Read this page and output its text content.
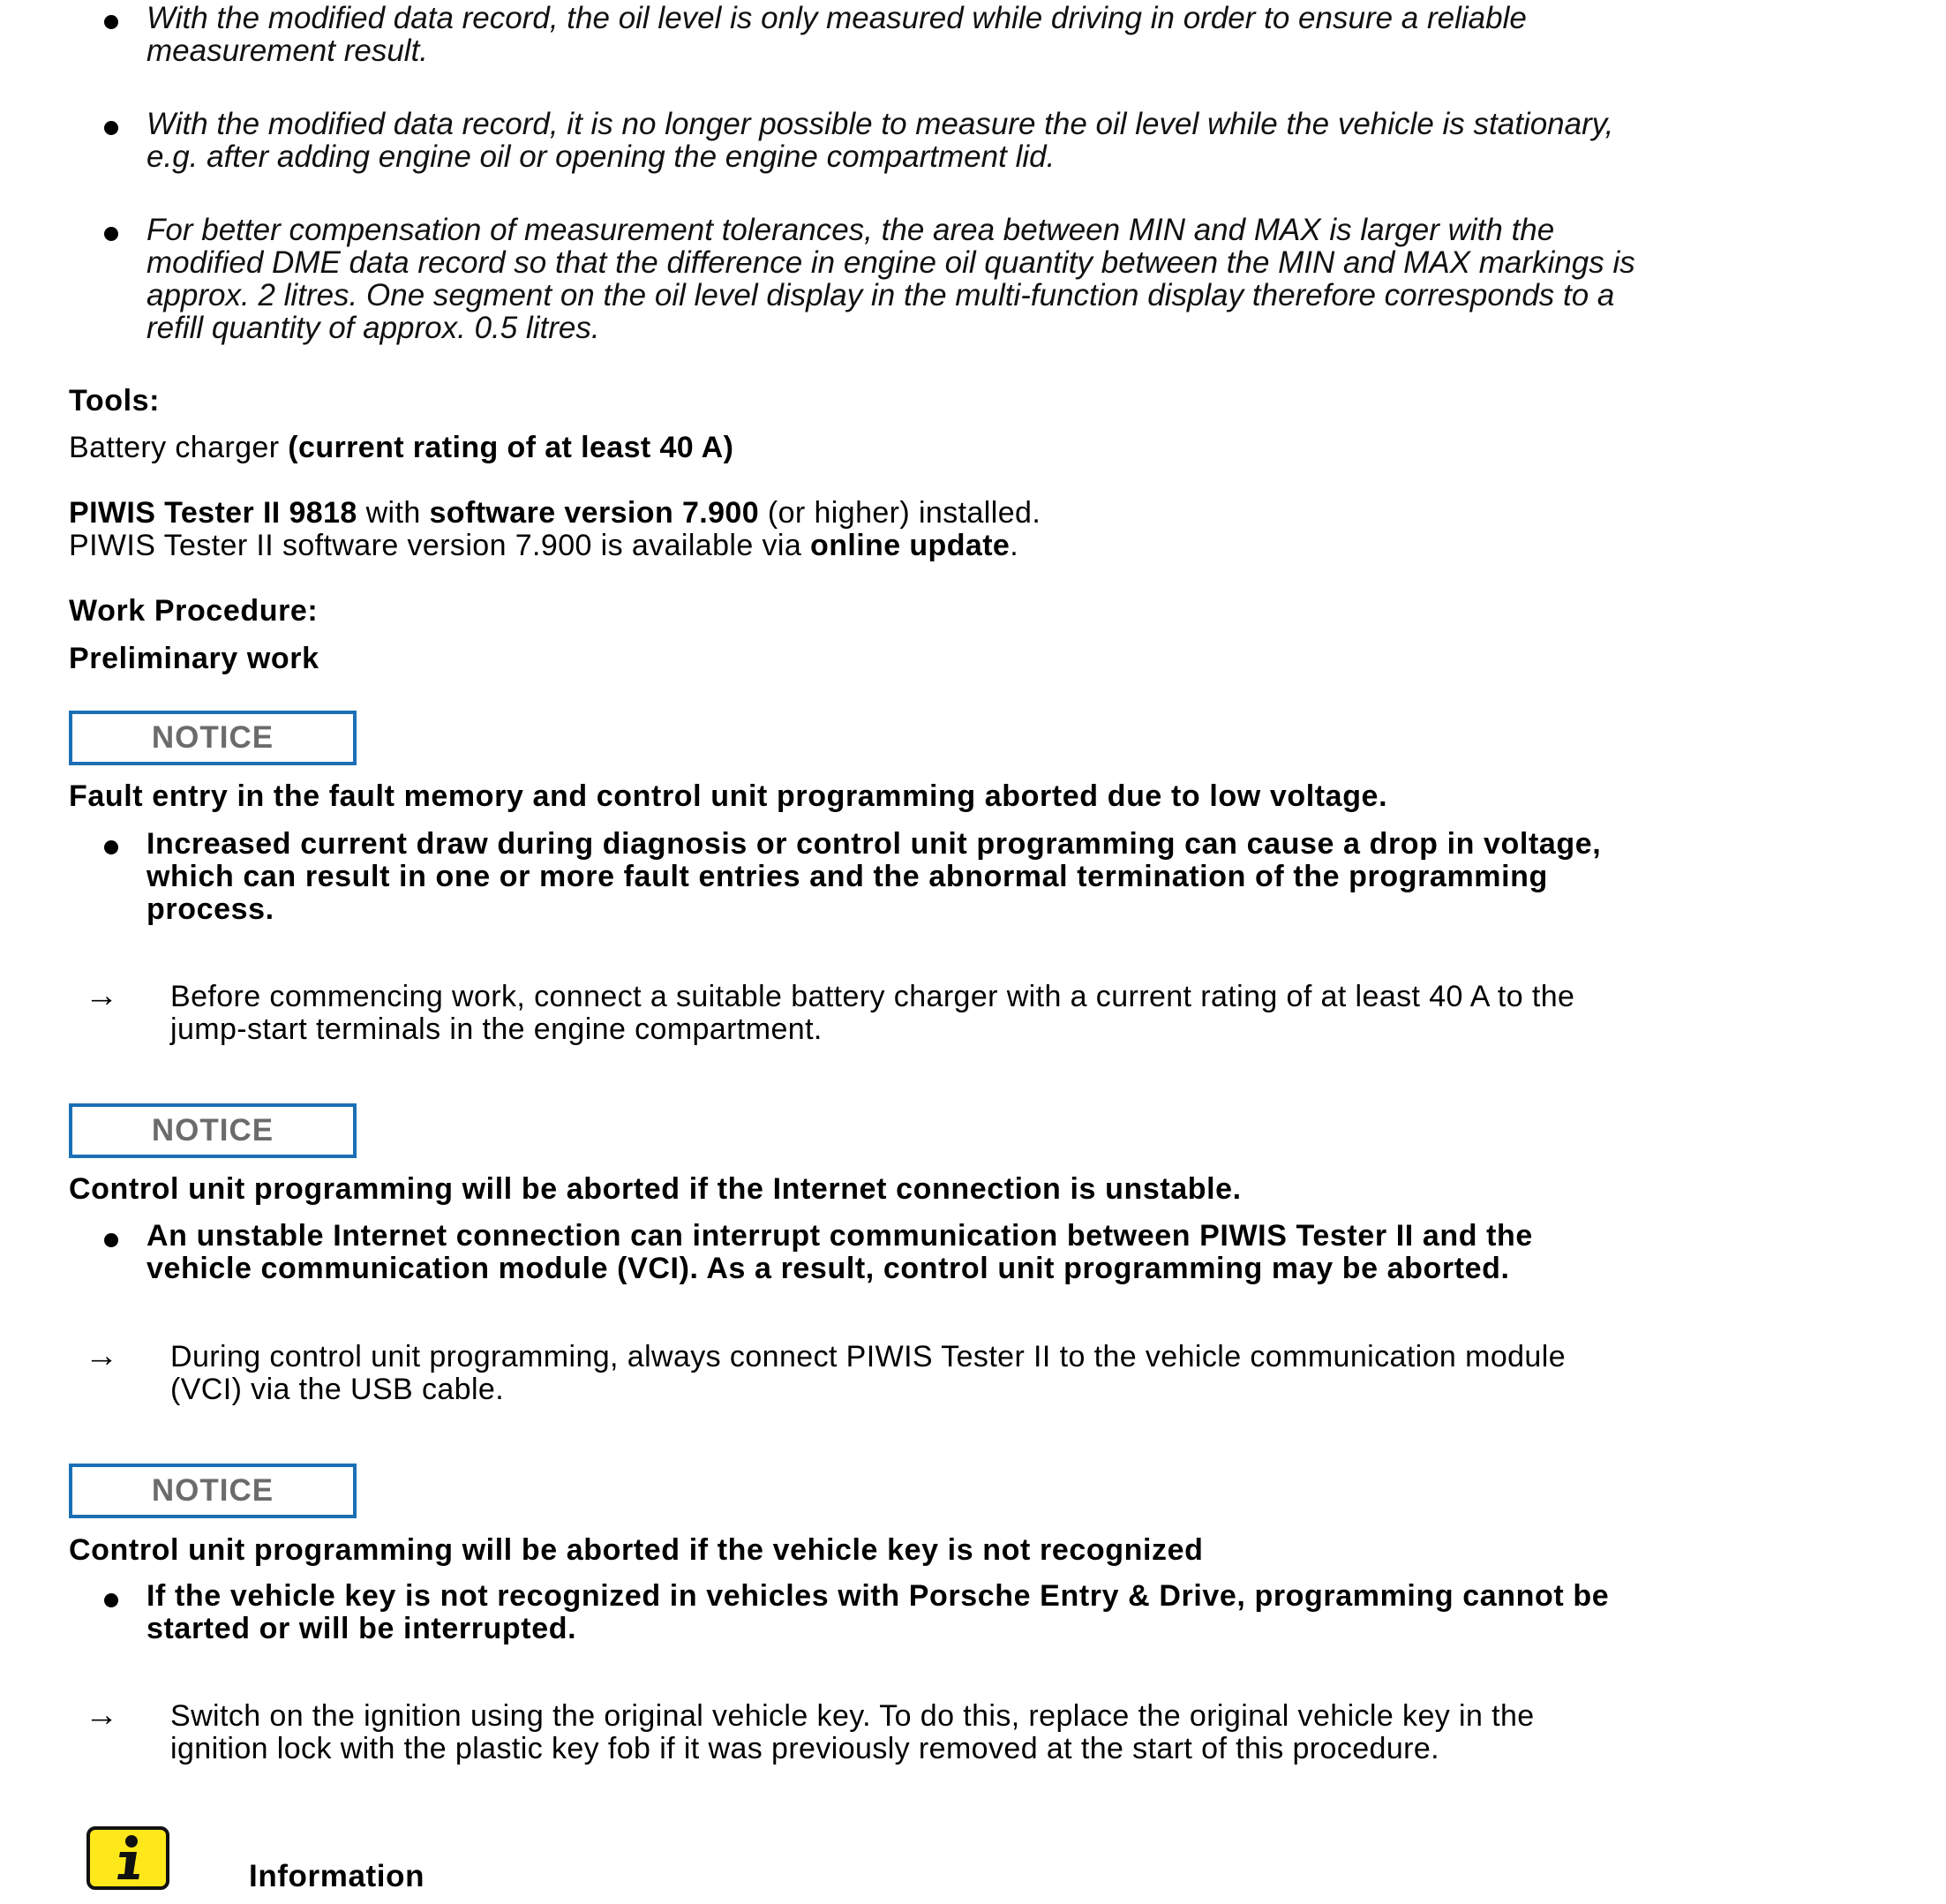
With the modified data record, the oil level is only measured while driving in order to ensure a reliable
measurement result.
With the modified data record, it is no longer possible to measure the oil level while the vehicle is stationary,
e.g. after adding engine oil or opening the engine compartment lid.
For better compensation of measurement tolerances, the area between MIN and MAX is larger with the
modified DME data record so that the difference in engine oil quantity between the MIN and MAX markings is
approx. 2 litres. One segment on the oil level display in the multi-function display therefore corresponds to a
refill quantity of approx. 0.5 litres.
Tools:
Battery charger (current rating of at least 40 A)
PIWIS Tester II 9818 with software version 7.900 (or higher) installed.
PIWIS Tester II software version 7.900 is available via online update.
Work Procedure:
Preliminary work
NOTICE
Fault entry in the fault memory and control unit programming aborted due to low voltage.
Increased current draw during diagnosis or control unit programming can cause a drop in voltage,
which can result in one or more fault entries and the abnormal termination of the programming
process.
→ Before commencing work, connect a suitable battery charger with a current rating of at least 40 A to the
jump-start terminals in the engine compartment.
NOTICE
Control unit programming will be aborted if the Internet connection is unstable.
An unstable Internet connection can interrupt communication between PIWIS Tester II and the
vehicle communication module (VCI). As a result, control unit programming may be aborted.
→ During control unit programming, always connect PIWIS Tester II to the vehicle communication module
(VCI) via the USB cable.
NOTICE
Control unit programming will be aborted if the vehicle key is not recognized
If the vehicle key is not recognized in vehicles with Porsche Entry & Drive, programming cannot be
started or will be interrupted.
→ Switch on the ignition using the original vehicle key. To do this, replace the original vehicle key in the
ignition lock with the plastic key fob if it was previously removed at the start of this procedure.
Information
